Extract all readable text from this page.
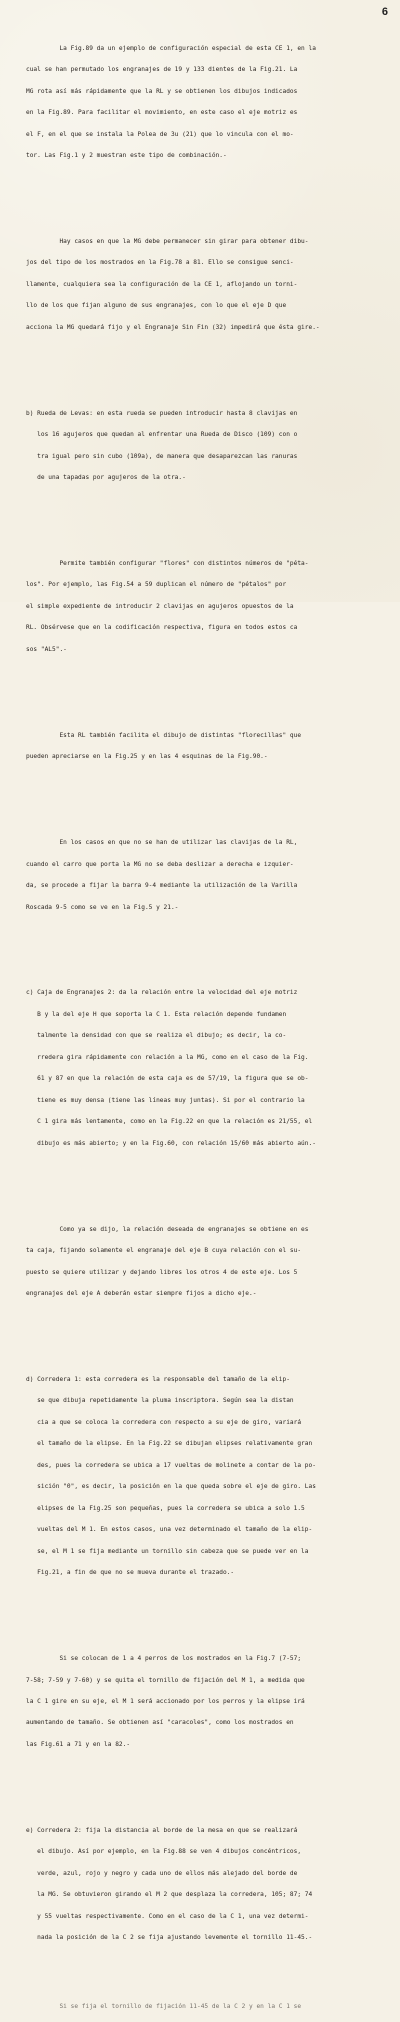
6

La Fig.89 da un ejemplo de configuración especial de esta CE 1, en la

cual se han permutado los engranajes de 19 y 133 dientes de la Fig.21. La

MG rota así más rápidamente que la RL y se obtienen los dibujos indicados

en la Fig.89. Para facilitar el movimiento, en este caso el eje motriz es

el F, en el que se instala la Polea de 3u (21) que lo vincula con el mo-

tor. Las Fig.1 y 2 muestran este tipo de combinación.-

Hay casos en que la MG debe permanecer sin girar para obtener dibu-

jos del tipo de los mostrados en la Fig.78 a 81. Ello se consigue senci-

llamente, cualquiera sea la configuración de la CE 1, aflojando un torni-

llo de los que fijan alguno de sus engranajes, con lo que el eje D que

acciona la MG quedará fijo y el Engranaje Sin Fin (32) impedirá que ésta gire.-

b) Rueda de Levas: en esta rueda se pueden introducir hasta 8 clavijas en

los 16 agujeros que quedan al enfrentar una Rueda de Disco (109) con o

tra igual pero sin cubo (109a), de manera que desaparezcan las ranuras

de una tapadas por agujeros de la otra.-

Permite también configurar "flores" con distintos números de "péta-

los". Por ejemplo, las Fig.54 a 59 duplican el número de "pétalos" por

el simple expediente de introducir 2 clavijas en agujeros opuestos de la

RL. Obsérvese que en la codificación respectiva, figura en todos estos ca

sos "AL5".-

Esta RL también facilita el dibujo de distintas "florecillas" que

pueden apreciarse en la Fig.25 y en las 4 esquinas de la Fig.90.-

En los casos en que no se han de utilizar las clavijas de la RL,

cuando el carro que porta la MG no se deba deslizar a derecha e izquier-

da, se procede a fijar la barra 9-4 mediante la utilización de la Varilla

Roscada 9-5 como se ve en la Fig.5 y 21.-

c) Caja de Engranajes 2: da la relación entre la velocidad del eje motriz

B y la del eje H que soporta la C 1. Esta relación depende fundamen

talmente la densidad con que se realiza el dibujo; es decir, la co-

rredera gira rápidamente con relación a la MG, como en el caso de la Fig.

61 y 87 en que la relación de esta caja es de 57/19, la figura que se ob-

tiene es muy densa (tiene las líneas muy juntas). Si por el contrario la

C 1 gira más lentamente, como en la Fig.22 en que la relación es 21/55, el

dibujo es más abierto; y en la Fig.60, con relación 15/60 más abierto aún.-

Como ya se dijo, la relación deseada de engranajes se obtiene en es

ta caja, fijando solamente el engranaje del eje B cuya relación con el su-

puesto se quiere utilizar y dejando libres los otros 4 de este eje. Los 5

engranajes del eje A deberán estar siempre fijos a dicho eje.-

d) Corredera 1: esta corredera es la responsable del tamaño de la elip-

se que dibuja repetidamente la pluma inscriptora. Según sea la distan

cia a que se coloca la corredera con respecto a su eje de giro, variará

el tamaño de la elipse. En la Fig.22 se dibujan elipses relativamente gran

des, pues la corredera se ubica a 17 vueltas de molinete a contar de la po-

sición "0", es decir, la posición en la que queda sobre el eje de giro. Las

elipses de la Fig.25 son pequeñas, pues la corredera se ubica a solo 1.5

vueltas del M 1. En estos casos, una vez determinado el tamaño de la elip-

se, el M 1 se fija mediante un tornillo sin cabeza que se puede ver en la

Fig.21, a fin de que no se mueva durante el trazado.-

Si se colocan de 1 a 4 perros de los mostrados en la Fig.7 (7-57;

7-58; 7-59 y 7-60) y se quita el tornillo de fijación del M 1, a medida que

la C 1 gire en su eje, el M 1 será accionado por los perros y la elipse irá

aumentando de tamaño. Se obtienen así "caracoles", como los mostrados en

las Fig.61 a 71 y en la 82.-

e) Corredera 2: fija la distancia al borde de la mesa en que se realizará

el dibujo. Así por ejemplo, en la Fig.88 se ven 4 dibujos concéntricos,

verde, azul, rojo y negro y cada uno de ellos más alejado del borde de

la MG. Se obtuvieron girando el M 2 que desplaza la corredera, 105; 87; 74

y 55 vueltas respectivamente. Como en el caso de la C 1, una vez determi-

nada la posición de la C 2 se fija ajustando levemente el tornillo 11-45.-

Si se fija el tornillo de fijación 11-45 de la C 2 y en la C 1 se
